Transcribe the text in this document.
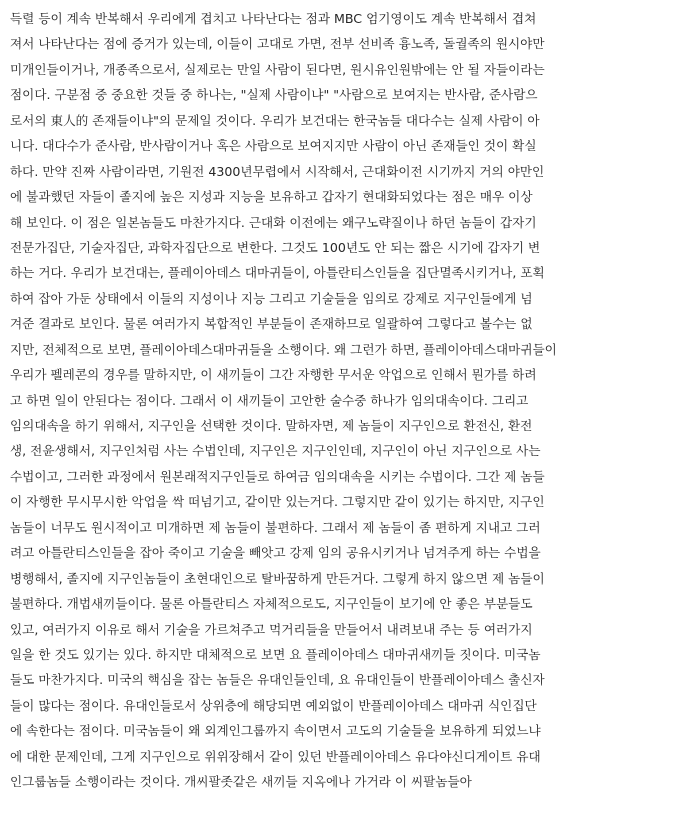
득렬 등이 계속 반복해서 우리에게 겹치고 나타난다는 점과 MBC 엄기영이도 계속 반복해서 겹쳐
져서 나타난다는 점에 증거가 있는데, 이들이 고대로 가면, 전부 선비족 흉노족, 돌궐족의 원시야만
미개인들이거나, 개종족으로서, 실제로는 만일 사람이 된다면, 원시유인원밖에는 안 될 자들이라는
점이다. 구분점 중 중요한 것들 중 하나는, "실제 사람이냐" "사람으로 보여지는 반사람, 준사람으
로서의 東人的 존재들이냐"의 문제일 것이다. 우리가 보건대는 한국놈들 대다수는 실제 사람이 아
니다. 대다수가 준사람, 반사람이거나 혹은 사람으로 보여지지만 사람이 아닌 존재들인 것이 확실
하다. 만약 진짜 사람이라면, 기원전 4300년무렵에서 시작해서, 근대화이전 시기까지 거의 야만인
에 불과했던 자들이 졸지에 높은 지성과 지능을 보유하고 갑자기 현대화되었다는 점은 매우 이상
해 보인다. 이 점은 일본놈들도 마찬가지다. 근대화 이전에는 왜구노략질이나 하던 놈들이 갑자기
전문가집단, 기술자집단, 과학자집단으로 변한다. 그것도 100년도 안 되는 짧은 시기에 갑자기 변
하는 거다. 우리가 보건대는, 플레이아데스 대마귀들이, 아틀란티스인들을 집단멸족시키거나, 포획
하여 잡아 가둔 상태에서 이들의 지성이나 지능 그리고 기술들을 임의로 강제로 지구인들에게 넘
겨준 결과로 보인다. 물론 여러가지 복합적인 부분들이 존재하므로 일괄하여 그렇다고 볼수는 없
지만, 전체적으로 보면, 플레이아데스대마귀들을 소행이다. 왜 그런가 하면, 플레이아데스대마귀들이
우리가 펠레콘의 경우를 말하지만, 이 새끼들이 그간 자행한 무서운 악업으로 인해서 뭔가를 하려
고 하면 일이 안된다는 점이다. 그래서 이 새끼들이 고안한 술수중 하나가 임의대속이다. 그리고
임의대속을 하기 위해서, 지구인을 선택한 것이다. 말하자면, 제 놈들이 지구인으로 환전신, 환전
생, 전윤생해서, 지구인처럼 사는 수법인데, 지구인은 지구인인데, 지구인이 아닌 지구인으로 사는
수법이고, 그러한 과정에서 원본래적지구인들로 하여금 임의대속을 시키는 수법이다. 그간 제 놈들
이 자행한 무시무시한 악업을 싹 떠넘기고, 같이만 있는거다. 그렇지만 같이 있기는 하지만, 지구인
놈들이 너무도 원시적이고 미개하면 제 놈들이 불편하다. 그래서 제 놈들이 좀 편하게 지내고 그러
려고 아틀란티스인들을 잡아 죽이고 기술을 빼앗고 강제 임의 공유시키거나 넘겨주게 하는 수법을
병행해서, 졸지에 지구인놈들이 초현대인으로 탈바꿈하게 만든거다. 그렇게 하지 않으면 제 놈들이
불편하다. 개법새끼들이다. 물론 아틀란티스 자체적으로도, 지구인들이 보기에 안 좋은 부분들도
있고, 여러가지 이유로 해서 기술을 가르쳐주고 먹거리들을 만들어서 내려보내 주는 등 여러가지
일을 한 것도 있기는 있다. 하지만 대체적으로 보면 요 플레이아데스 대마귀새끼들 짓이다. 미국놈
들도 마찬가지다. 미국의 핵심을 잡는 놈들은 유대인들인데, 요 유대인들이 반플레이아데스 출신자
들이 많다는 점이다. 유대인들로서 상위층에 해당되면 예외없이 반플레이아데스 대마귀 식인집단
에 속한다는 점이다. 미국놈들이 왜 외계인그룹까지 속이면서 고도의 기술들을 보유하게 되었느냐
에 대한 문제인데, 그게 지구인으로 위위장해서 같이 있던 반플레이아데스 유다야신디게이트 유대
인그룹놈들 소행이라는 것이다. 개씨팔좃같은 새끼들 지옥에나 가거라 이 씨팔놈들아
